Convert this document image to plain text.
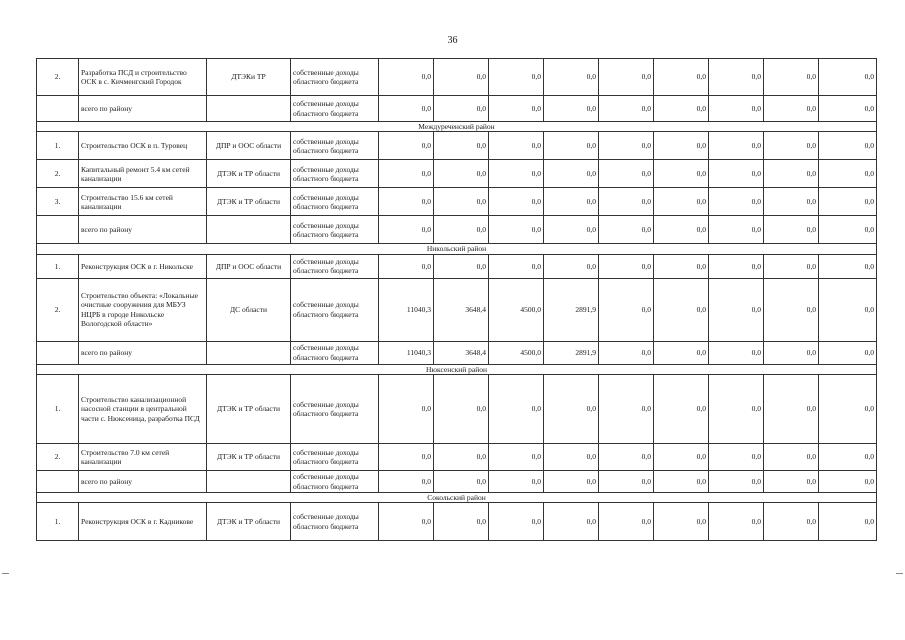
36
2.	Разработка ПСД и строительство ОСК в с. Кичменгский Городок	ДТЭКи ТР	собственные доходы областного бюджета	0,0	0,0	0,0	0,0	0,0	0,0	0,0	0,0	0,0
	всего по району		собственные доходы областного бюджета	0,0	0,0	0,0	0,0	0,0	0,0	0,0	0,0	0,0
Междуреченский район												
1.	Строительство ОСК в п. Туровец	ДПР и ООС области	собственные доходы областного бюджета	0,0	0,0	0,0	0,0	0,0	0,0	0,0	0,0	0,0
2.	Капитальный ремонт 5.4 км сетей канализации	ДТЭК и ТР области	собственные доходы областного бюджета	0,0	0,0	0,0	0,0	0,0	0,0	0,0	0,0	0,0
3.	Строительство 15.6 км сетей канализации	ДТЭК и ТР области	собственные доходы областного бюджета	0,0	0,0	0,0	0,0	0,0	0,0	0,0	0,0	0,0
	всего по району		собственные доходы областного бюджета	0,0	0,0	0,0	0,0	0,0	0,0	0,0	0,0	0,0
Никольский район												
1.	Реконструкция ОСК в г. Никольске	ДПР и ООС области	собственные доходы областного бюджета	0,0	0,0	0,0	0,0	0,0	0,0	0,0	0,0	0,0
2.	Строительство объекта: «Локальные очистные сооружения для МБУЗ НЦРБ в городе Никольске Вологодской области»	ДС области	собственные доходы областного бюджета	11040,3	3648,4	4500,0	2891,9	0,0	0,0	0,0	0,0	0,0
	всего по району		собственные доходы областного бюджета	11040,3	3648,4	4500,0	2891,9	0,0	0,0	0,0	0,0	0,0
Нюксенский район												
1.	Строительство канализационной насосной станции в центральной части с. Нюксеница, разработка ПСД	ДТЭК и ТР области	собственные доходы областного бюджета	0,0	0,0	0,0	0,0	0,0	0,0	0,0	0,0	0,0
2.	Строительство 7.0 км сетей канализации	ДТЭК и ТР области	собственные доходы областного бюджета	0,0	0,0	0,0	0,0	0,0	0,0	0,0	0,0	0,0
	всего по району		собственные доходы областного бюджета	0,0	0,0	0,0	0,0	0,0	0,0	0,0	0,0	0,0
Сокольский район												
1.	Реконструкция ОСК в г. Кадникове	ДТЭК и ТР области	собственные доходы областного бюджета	0,0	0,0	0,0	0,0	0,0	0,0	0,0	0,0	0,0
